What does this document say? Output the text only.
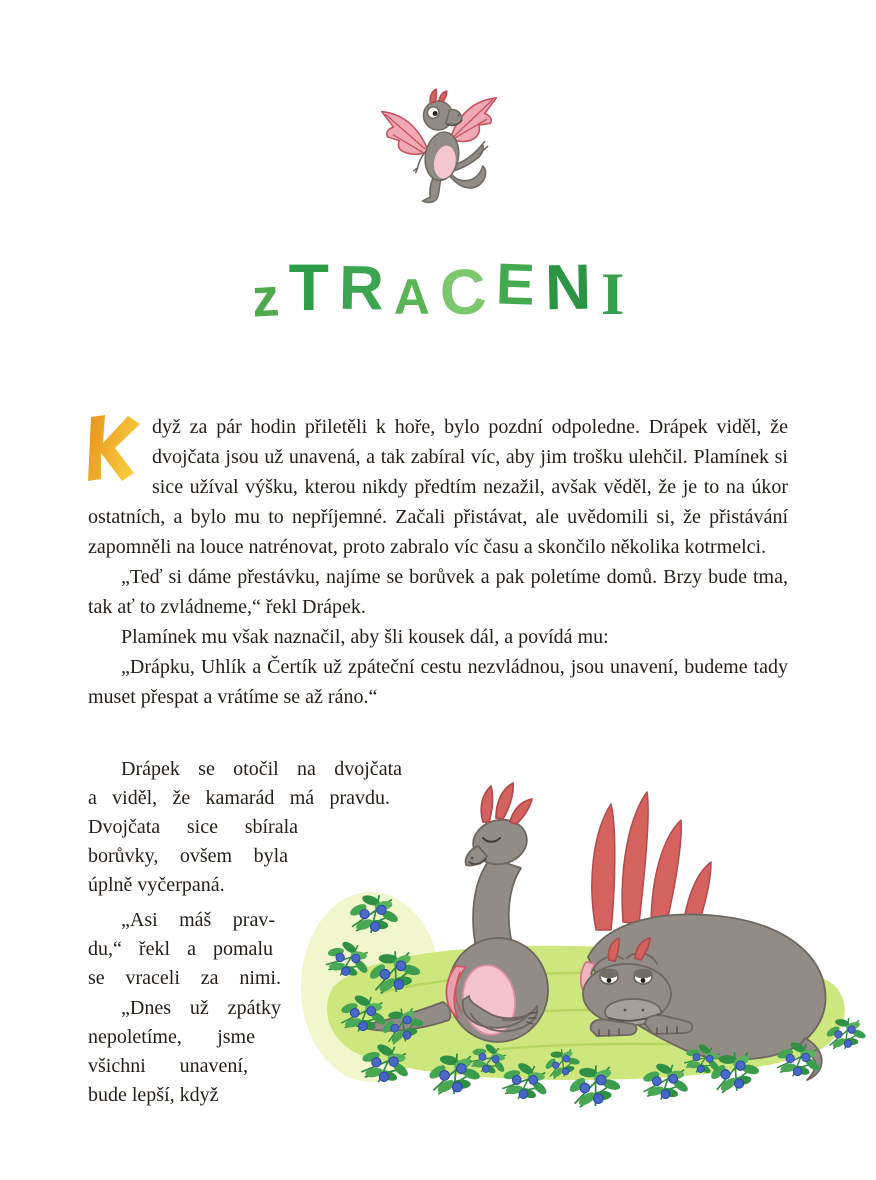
z T R A C E N I

dyž za pár hodin přiletěli k hoře, bylo pozdní odpoledne. Drápek viděl, že dvojčata jsou už unavená, a tak zabíral víc, aby jim trošku ulehčil. Plamínek si sice užíval výšku, kterou nikdy předtím nezažil, avšak věděl, že je to na úkor ostatních, a bylo mu to nepříjemné. Začali přistávat, ale uvědomili si, že přistávání zapomněli na louce natrénovat, proto zabralo víc času a skončilo několika kotrmelci.

„Teď si dáme přestávku, najíme se borůvek a pak poletíme domů. Brzy bude tma, tak ať to zvládneme,“ řekl Drápek.

Plamínek mu však naznačil, aby šli kousek dál, a povídá mu:

„Drápku, Uhlík a Čertík už zpáteční cestu nezvládnou, jsou unavení, budeme tady muset přespat a vrátíme se až ráno.“

Drápek se otočil na dvojčata
a viděl, že kamarád má pravdu.
Dvojčata sice sbírala
borůvky, ovšem byla
úplně vyčerpaná.
„Asi máš prav-
du,“ řekl a pomalu
se vraceli za nimi.
„Dnes už zpátky
nepoletíme, jsme
všichni unavení,
bude lepší, když
